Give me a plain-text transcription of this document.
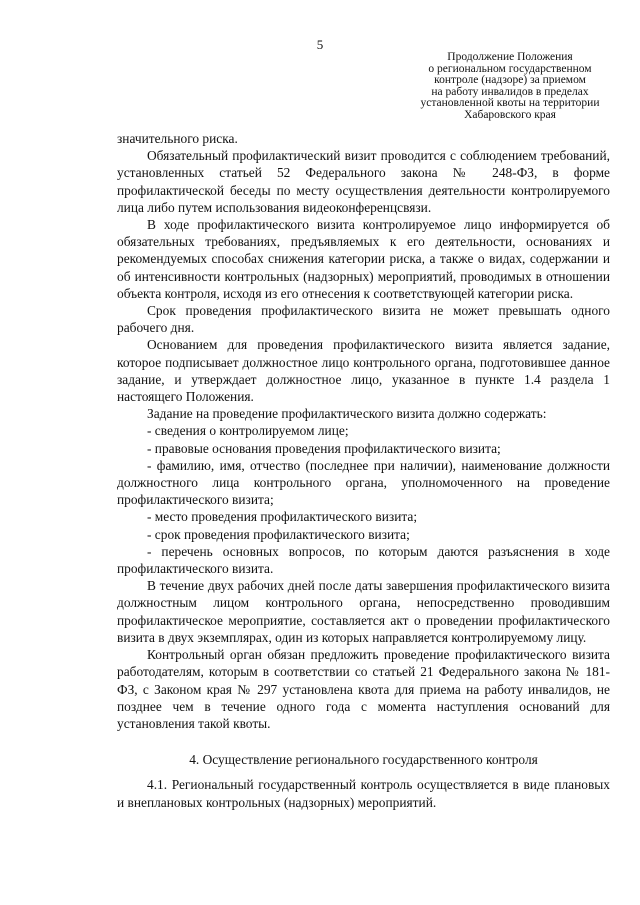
5
Продолжение Положения
о региональном государственном
контроле (надзоре) за приемом
на работу инвалидов в пределах
установленной квоты на территории
Хабаровского края

значительного риска.

Обязательный профилактический визит проводится с соблюдением требований, установленных статьей 52 Федерального закона № 248-ФЗ, в форме профилактической беседы по месту осуществления деятельности контролируемого лица либо путем использования видеоконференцсвязи.

В ходе профилактического визита контролируемое лицо информируется об обязательных требованиях, предъявляемых к его деятельности, основаниях и рекомендуемых способах снижения категории риска, а также о видах, содержании и об интенсивности контрольных (надзорных) мероприятий, проводимых в отношении объекта контроля, исходя из его отнесения к соответствующей категории риска.

Срок проведения профилактического визита не может превышать одного рабочего дня.

Основанием для проведения профилактического визита является задание, которое подписывает должностное лицо контрольного органа, подготовившее данное задание, и утверждает должностное лицо, указанное в пункте 1.4 раздела 1 настоящего Положения.

Задание на проведение профилактического визита должно содержать:

- сведения о контролируемом лице;

- правовые основания проведения профилактического визита;

- фамилию, имя, отчество (последнее при наличии), наименование должности должностного лица контрольного органа, уполномоченного на проведение профилактического визита;

- место проведения профилактического визита;

- срок проведения профилактического визита;

- перечень основных вопросов, по которым даются разъяснения в ходе профилактического визита.

В течение двух рабочих дней после даты завершения профилактического визита должностным лицом контрольного органа, непосредственно проводившим профилактическое мероприятие, составляется акт о проведении профилактического визита в двух экземплярах, один из которых направляется контролируемому лицу.

Контрольный орган обязан предложить проведение профилактического визита работодателям, которым в соответствии со статьей 21 Федерального закона № 181-ФЗ, с Законом края № 297 установлена квота для приема на работу инвалидов, не позднее чем в течение одного года с момента наступления оснований для установления такой квоты.

4. Осуществление регионального государственного контроля

4.1. Региональный государственный контроль осуществляется в виде плановых и внеплановых контрольных (надзорных) мероприятий.
